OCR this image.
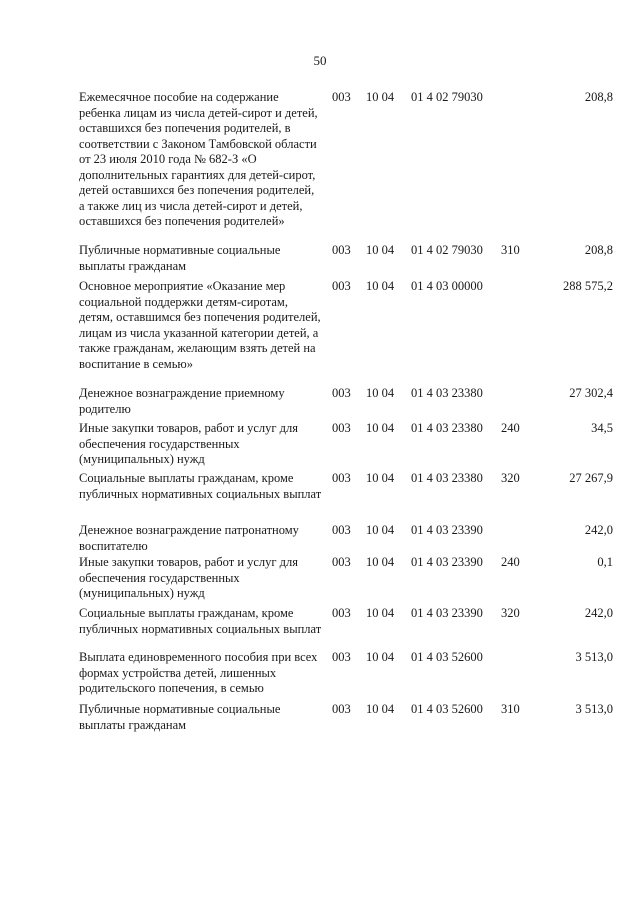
50
Ежемесячное пособие на содержание ребенка лицам из числа детей-сирот и детей, оставшихся без попечения родителей, в соответствии с Законом Тамбовской области от 23 июля 2010 года № 682-З «О дополнительных гарантиях для детей-сирот, детей оставшихся без попечения родителей, а также лиц из числа детей-сирот и детей, оставшихся без попечения родителей»
003 10 04 01 4 02 79030	208,8
Публичные нормативные социальные выплаты гражданам
003 10 04 01 4 02 79030 310	208,8
Основное мероприятие «Оказание мер социальной поддержки детям-сиротам, детям, оставшимся без попечения родителей, лицам из числа указанной категории детей, а также гражданам, желающим взять детей на воспитание в семью»
003 10 04 01 4 03 00000	288 575,2
Денежное вознаграждение приемному родителю
003 10 04 01 4 03 23380	27 302,4
Иные закупки товаров, работ и услуг для обеспечения государственных (муниципальных) нужд
003 10 04 01 4 03 23380 240	34,5
Социальные выплаты гражданам, кроме публичных нормативных социальных выплат
003 10 04 01 4 03 23380 320	27 267,9
Денежное вознаграждение патронатному воспитателю
003 10 04 01 4 03 23390	242,0
Иные закупки товаров, работ и услуг для обеспечения государственных (муниципальных) нужд
003 10 04 01 4 03 23390 240	0,1
Социальные выплаты гражданам, кроме публичных нормативных социальных выплат
003 10 04 01 4 03 23390 320	242,0
Выплата единовременного пособия при всех формах устройства детей, лишенных родительского попечения, в семью
003 10 04 01 4 03 52600	3 513,0
Публичные нормативные социальные выплаты гражданам
003 10 04 01 4 03 52600 310	3 513,0
